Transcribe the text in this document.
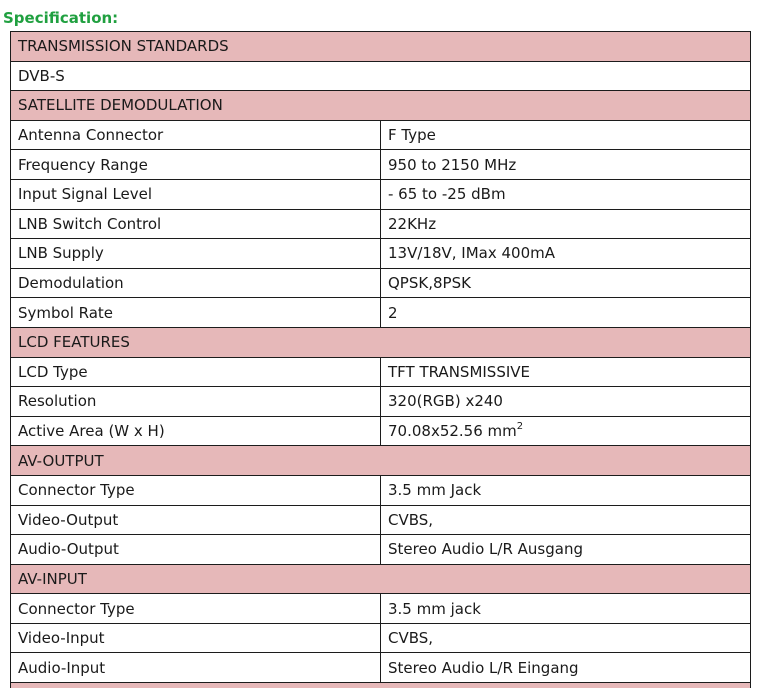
Specification:
TRANSMISSION STANDARDS	
DVB-S	
SATELLITE DEMODULATION	
Antenna Connector	F Type
Frequency Range	950 to 2150 MHz
Input Signal Level	- 65 to -25 dBm
LNB Switch Control	22KHz
LNB Supply	13V/18V, IMax 400mA
Demodulation	QPSK,8PSK
Symbol Rate	2
LCD FEATURES	
LCD Type	TFT TRANSMISSIVE
Resolution	320(RGB) x240
Active Area (W x H)	70.08x52.56 $mm^2$
AV-OUTPUT	
Connector Type	3.5 mm Jack
Video-Output	CVBS,
Audio-Output	Stereo Audio L/R Ausgang
AV-INPUT	
Connector Type	3.5 mm jack
Video-Input	CVBS,
Audio-Input	Stereo Audio L/R Eingang
